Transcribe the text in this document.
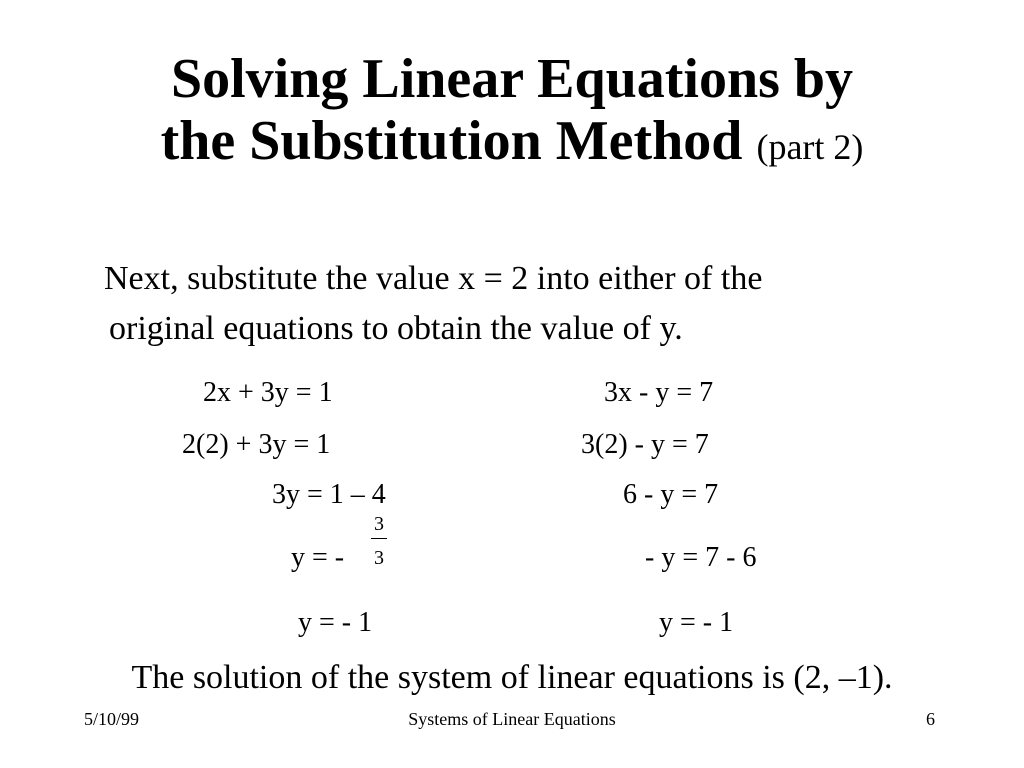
Solving Linear Equations by
the Substitution Method (part 2)
Next, substitute the value x = 2 into either of the
original equations to obtain the value of y.
2x + 3y = 1
2(2) + 3y = 1
3y = 1 – 4
y = -
3
3
y = - 1
3x - y = 7
3(2) - y = 7
6 - y = 7
- y = 7 - 6
y = - 1
The solution of the system of linear equations is (2, –1).
5/10/99	Systems of Linear Equations	6
